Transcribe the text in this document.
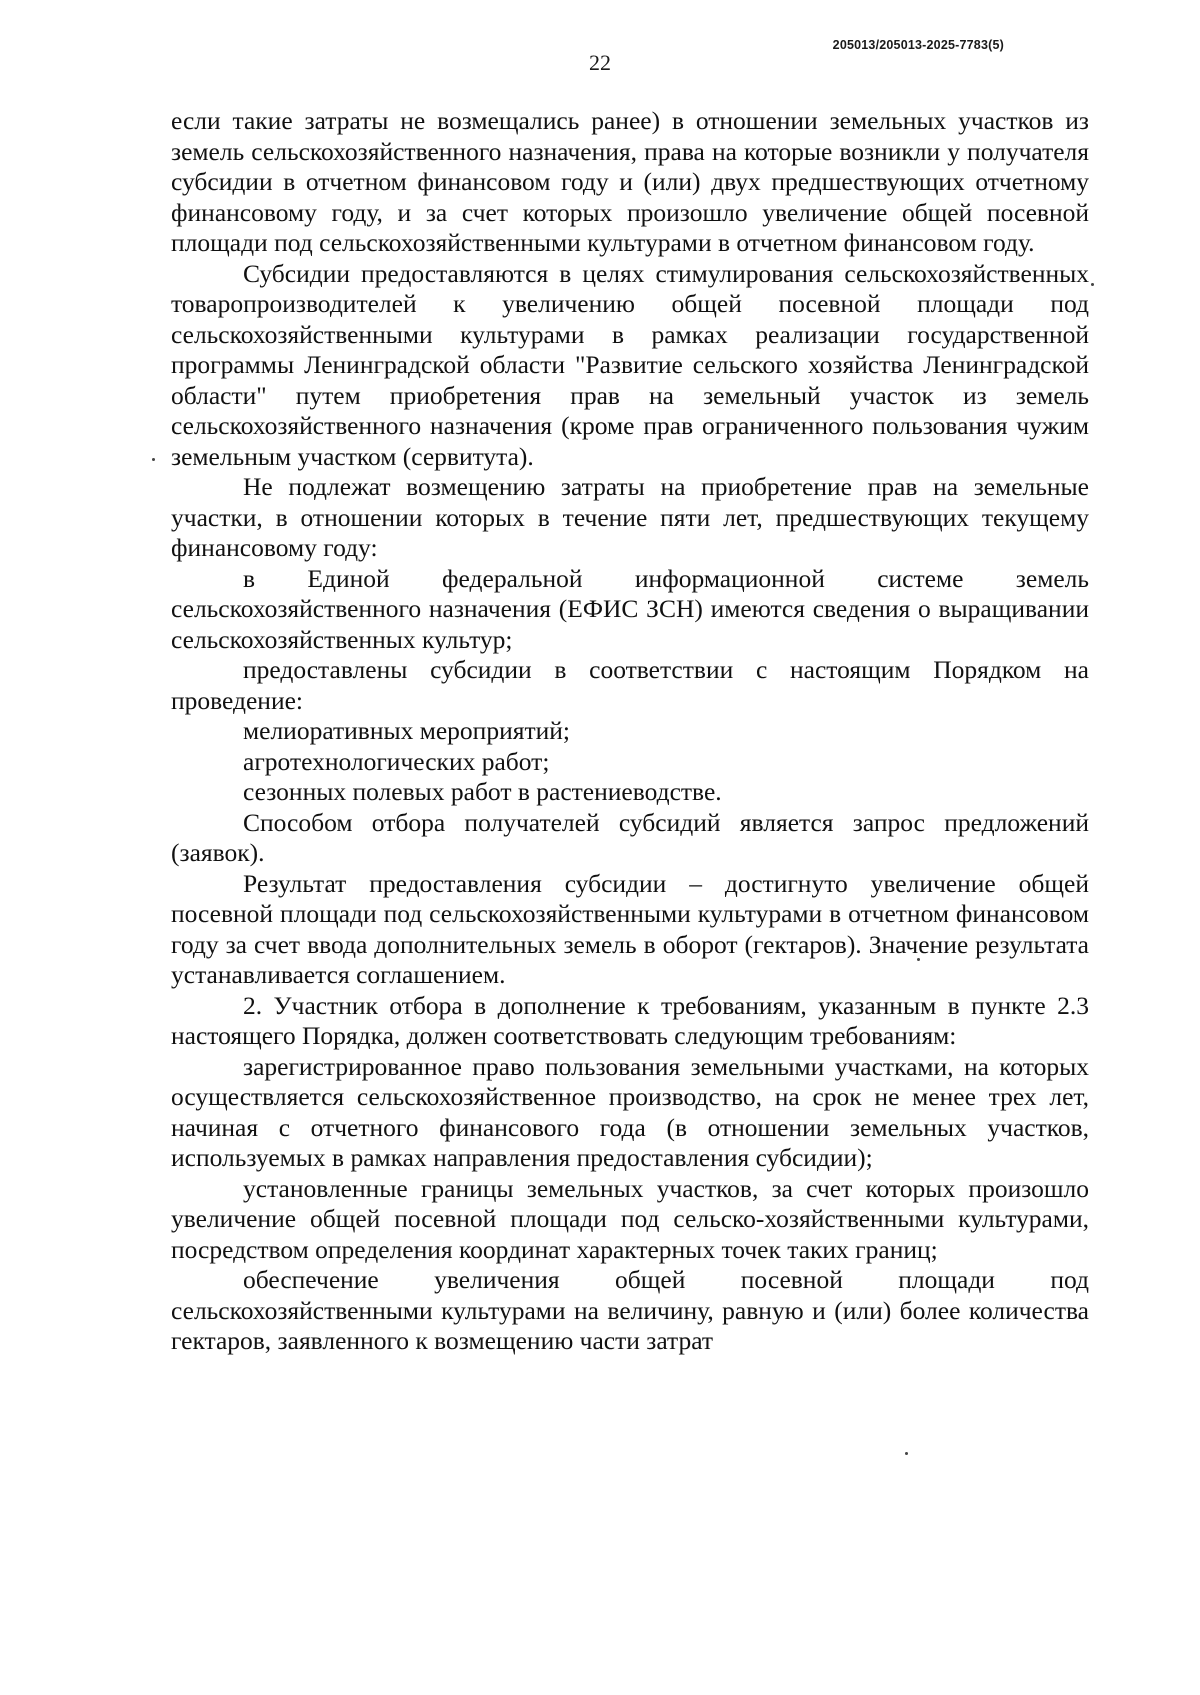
205013/205013-2025-7783(5)
22

если такие затраты не возмещались ранее) в отношении земельных участков из земель сельскохозяйственного назначения, права на которые возникли у получателя субсидии в отчетном финансовом году и (или) двух предшествующих отчетному финансовому году, и за счет которых произошло увеличение общей посевной площади под сельскохозяйственными культурами в отчетном финансовом году.

Субсидии предоставляются в целях стимулирования сельскохозяйственных товаропроизводителей к увеличению общей посевной площади под сельскохозяйственными культурами в рамках реализации государственной программы Ленинградской области "Развитие сельского хозяйства Ленинградской области" путем приобретения прав на земельный участок из земель сельскохозяйственного назначения (кроме прав ограниченного пользования чужим земельным участком (сервитута).

Не подлежат возмещению затраты на приобретение прав на земельные участки, в отношении которых в течение пяти лет, предшествующих текущему финансовому году:

в Единой федеральной информационной системе земель сельскохозяйственного назначения (ЕФИС ЗСН) имеются сведения о выращивании сельскохозяйственных культур;

предоставлены субсидии в соответствии с настоящим Порядком на проведение:

мелиоративных мероприятий;

агротехнологических работ;

сезонных полевых работ в растениеводстве.

Способом отбора получателей субсидий является запрос предложений (заявок).

Результат предоставления субсидии – достигнуто увеличение общей посевной площади под сельскохозяйственными культурами в отчетном финансовом году за счет ввода дополнительных земель в оборот (гектаров). Значение результата устанавливается соглашением.

2. Участник отбора в дополнение к требованиям, указанным в пункте 2.3 настоящего Порядка, должен соответствовать следующим требованиям:

зарегистрированное право пользования земельными участками, на которых осуществляется сельскохозяйственное производство, на срок не менее трех лет, начиная с отчетного финансового года (в отношении земельных участков, используемых в рамках направления предоставления субсидии);

установленные границы земельных участков, за счет которых произошло увеличение общей посевной площади под сельско-хозяйственными культурами, посредством определения координат характерных точек таких границ;

обеспечение увеличения общей посевной площади под сельскохозяйственными культурами на величину, равную и (или) более количества гектаров, заявленного к возмещению части затрат
